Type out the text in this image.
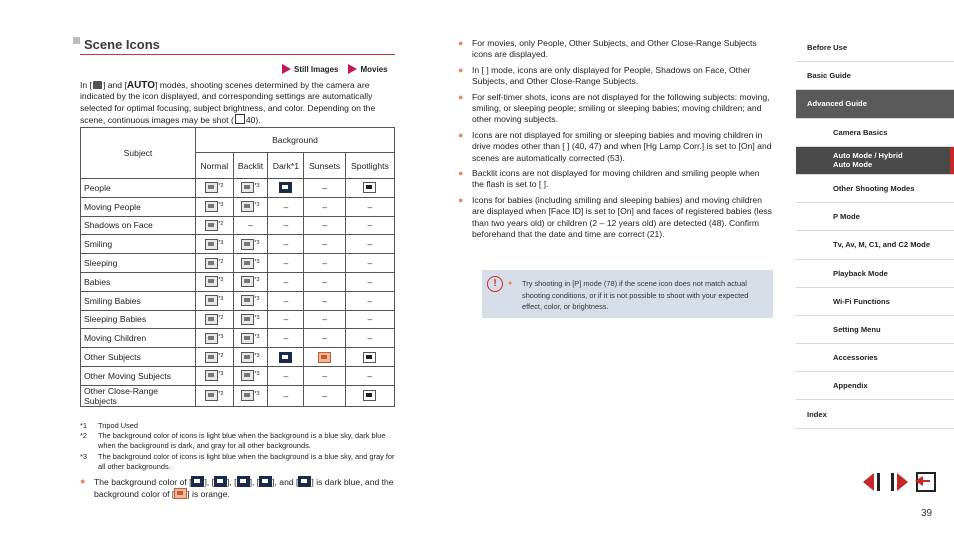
Scene Icons
Still Images	Movies
In [ ] and [AUTO] modes, shooting scenes determined by the camera are indicated by the icon displayed, and corresponding settings are automatically selected for optimal focusing, subject brightness, and color. Depending on the scene, continuous images may be shot ( 40).
Subject	Background				
	Normal	Backlit	Dark*1	Sunsets	Spotlights
People	$^{*2}$	$^{*3}$		–	
Moving People	$^{*3}$	$^{*3}$	–	–	–
Shadows on Face	$^{*2}$	–	–	–	–
Smiling	$^{*3}$	$^{*3}$	–	–	–
Sleeping	$^{*2}$	$^{*3}$	–	–	–
Babies	$^{*3}$	$^{*3}$	–	–	–
Smiling Babies	$^{*3}$	$^{*3}$	–	–	–
Sleeping Babies	$^{*2}$	$^{*3}$	–	–	–
Moving Children	$^{*3}$	$^{*3}$	–	–	–
Other Subjects	$^{*2}$	$^{*3}$			
Other Moving Subjects	$^{*3}$	$^{*3}$	–	–	–
Other Close-Range Subjects	$^{*2}$	$^{*3}$	–	–	
*1	Tripod Used
*2	The background color of icons is light blue when the background is a blue sky, dark blue when the background is dark, and gray for all other backgrounds.
*3	The background color of icons is light blue when the background is a blue sky, and gray for all other backgrounds.
● The background color of [ ], [ ], [ ], [ ], and [ ] is dark blue, and the background color of [ ] is orange.
● For movies, only People, Other Subjects, and Other Close-Range Subjects icons are displayed.
● In [ ] mode, icons are only displayed for People, Shadows on Face, Other Subjects, and Other Close-Range Subjects.
● For self-timer shots, icons are not displayed for the following subjects: moving, smiling, or sleeping people; smiling or sleeping babies; moving children; and other moving subjects.
● Icons are not displayed for smiling or sleeping babies and moving children in drive modes other than [ ] (40, 47) and when [Hg Lamp Corr.] is set to [On] and scenes are automatically corrected (53).
● Backlit icons are not displayed for moving children and smiling people when the flash is set to [ ].
● Icons for babies (including smiling and sleeping babies) and moving children are displayed when [Face ID] is set to [On] and faces of registered babies (less than two years old) or children (2 – 12 years old) are detected (48). Confirm beforehand that the date and time are correct (21).
!	●	Try shooting in [P] mode (78) if the scene icon does not match actual shooting conditions, or if it is not possible to shoot with your expected effect, color, or brightness.
Before Use
Basic Guide
Advanced Guide
Camera Basics
Auto Mode / Hybrid Auto Mode
Other Shooting Modes
P Mode
Tv, Av, M, C1, and C2 Mode
Playback Mode
Wi-Fi Functions
Setting Menu
Accessories
Appendix
Index
39
